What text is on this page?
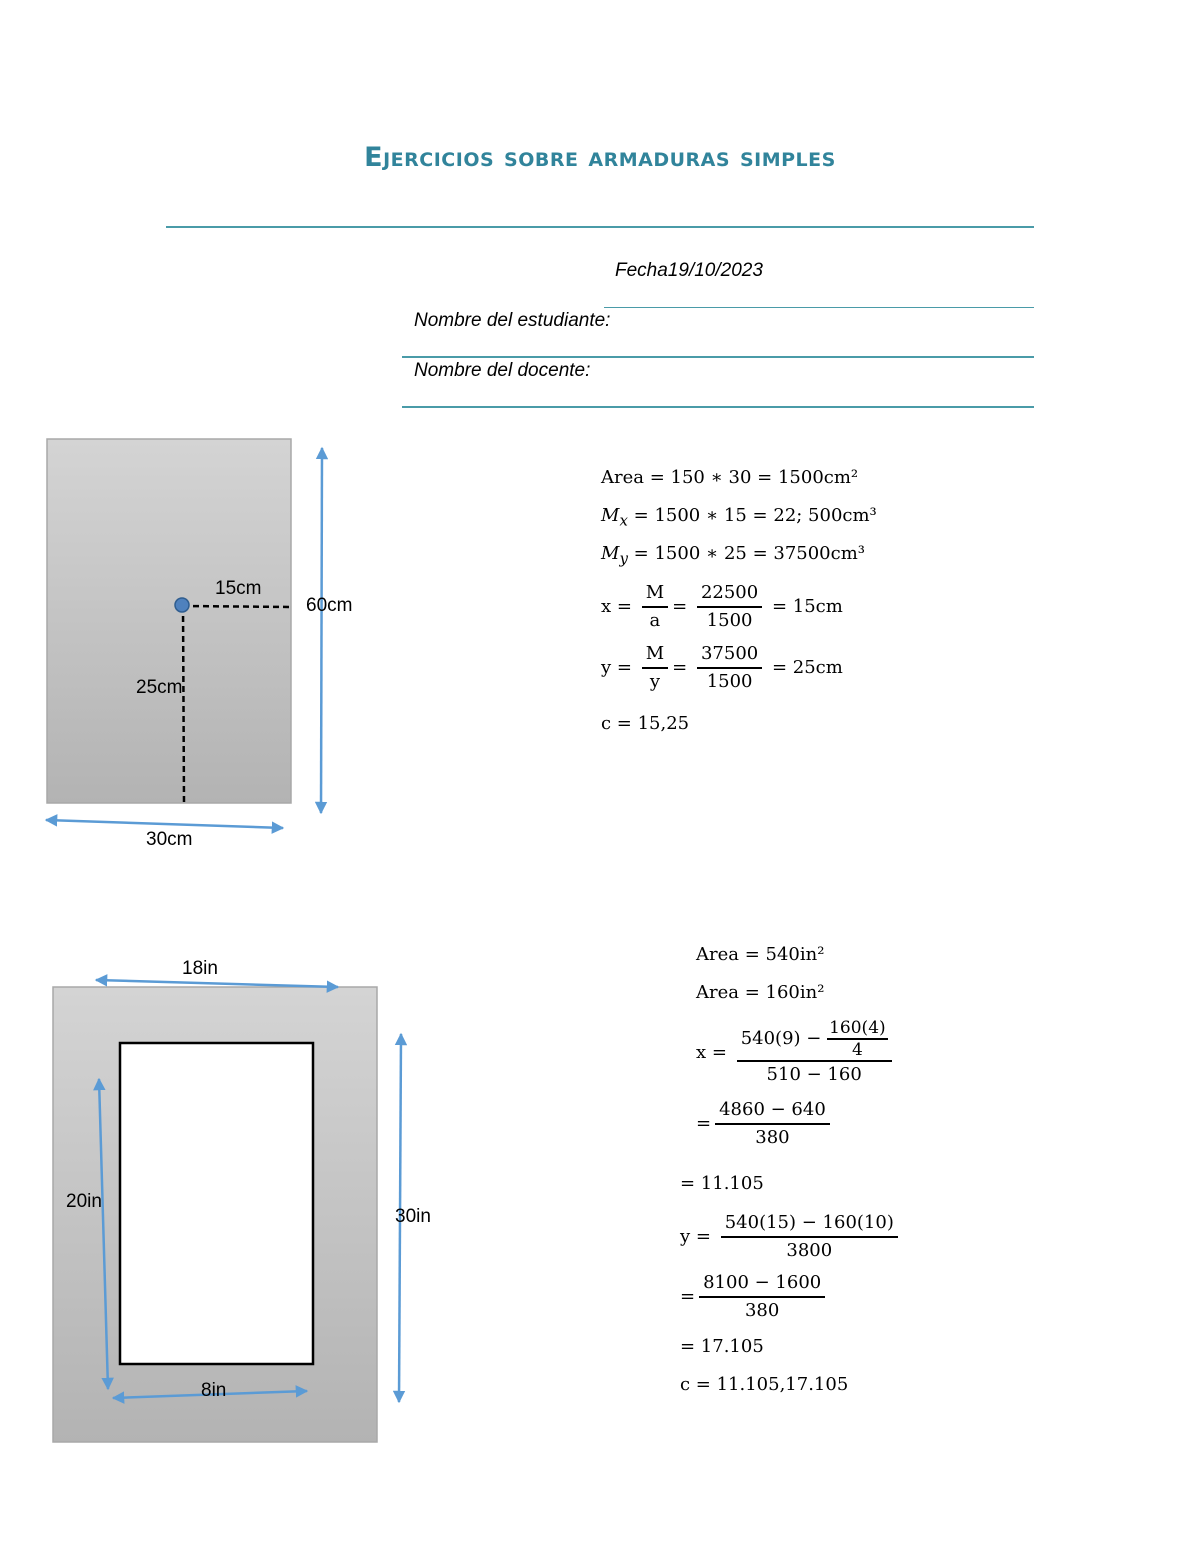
Ejercicios sobre armaduras simples
Fecha19/10/2023
Nombre del estudiante:
Nombre del docente:
15cm
60cm
25cm
30cm
18in
20in
30in
8in
Area = 150 ∗ 30 = 1500cm²
$M_x = 1500$ ∗ 15 = 22; 500cm³
$M_y = 1500$ ∗ 25 = 37500cm³
$x = \frac{M}{a} = \frac{22500}{1500} = 15cm$
$y = \frac{M}{y} = \frac{37500}{1500} = 25cm$
c = 15,25
Area = 540in²
Area = 160in²
$x = \frac{540(9) - \frac{160(4)}{4}}{510 - 160}$
= $\frac{4860 - 640}{380}$
= 11.105
$y = \frac{540(15) - 160(10)}{3800}$
= $\frac{8100 - 1600}{380}$
= 17.105
c = 11.105,17.105
